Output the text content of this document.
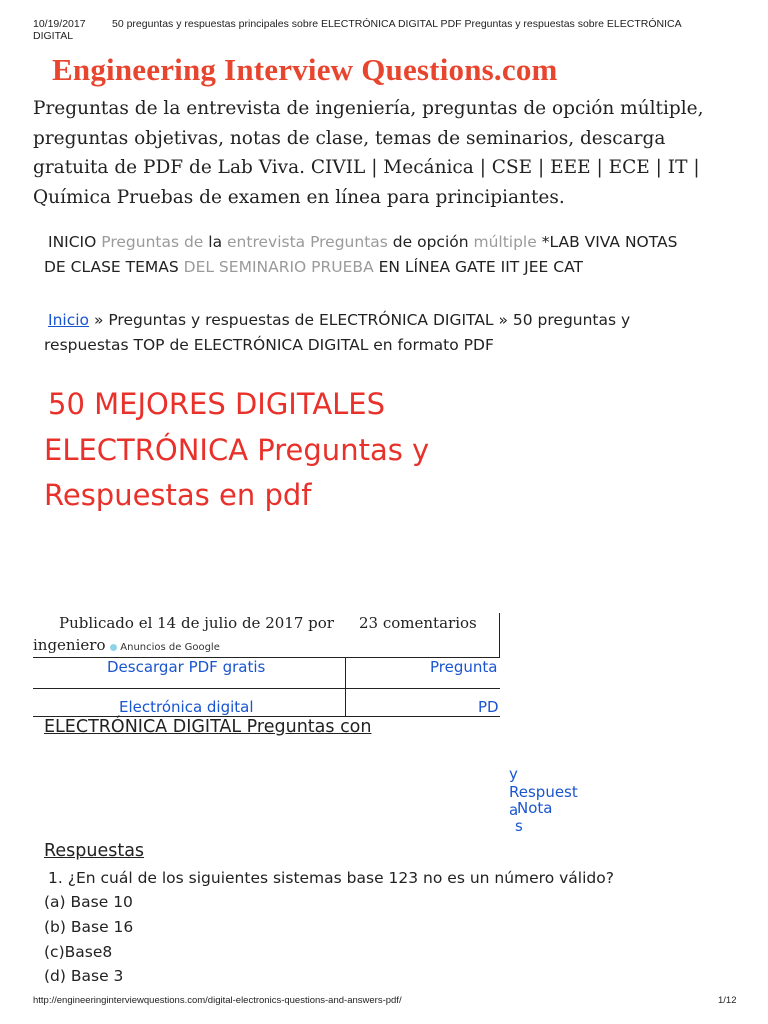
10/19/2017	50 preguntas y respuestas principales sobre ELECTRÓNICA DIGITAL PDF Preguntas y respuestas sobre ELECTRÓNICA
DIGITAL
Engineering Interview Questions.com
Preguntas de la entrevista de ingeniería, preguntas de opción múltiple,
preguntas objetivas, notas de clase, temas de seminarios, descarga
gratuita de PDF de Lab Viva. CIVIL | Mecánica | CSE | EEE | ECE | IT |
Química Pruebas de examen en línea para principiantes.
INICIO Preguntas de la entrevista Preguntas de opción múltiple *LAB VIVA NOTAS
DE CLASE TEMAS DEL SEMINARIO PRUEBA EN LÍNEA GATE IIT JEE CAT
Inicio » Preguntas y respuestas de ELECTRÓNICA DIGITAL » 50 preguntas y
respuestas TOP de ELECTRÓNICA DIGITAL en formato PDF
50 MEJORES DIGITALES
ELECTRÓNICA Preguntas y
Respuestas en pdf
Publicado el 14 de julio de 2017 por 23 comentarios
ingeniero Anuncios de Google
Descargar PDF gratis	Pregunta
Electrónica digital	PD
ELECTRÓNICA DIGITAL Preguntas con
y
Respuest
a
Nota
s
Respuestas
1. ¿En cuál de los siguientes sistemas base 123 no es un número válido?
(a) Base 10
(b) Base 16
(c)Base8
(d) Base 3
http://engineeringinterviewquestions.com/digital-electronics-questions-and-answers-pdf/	1/12
